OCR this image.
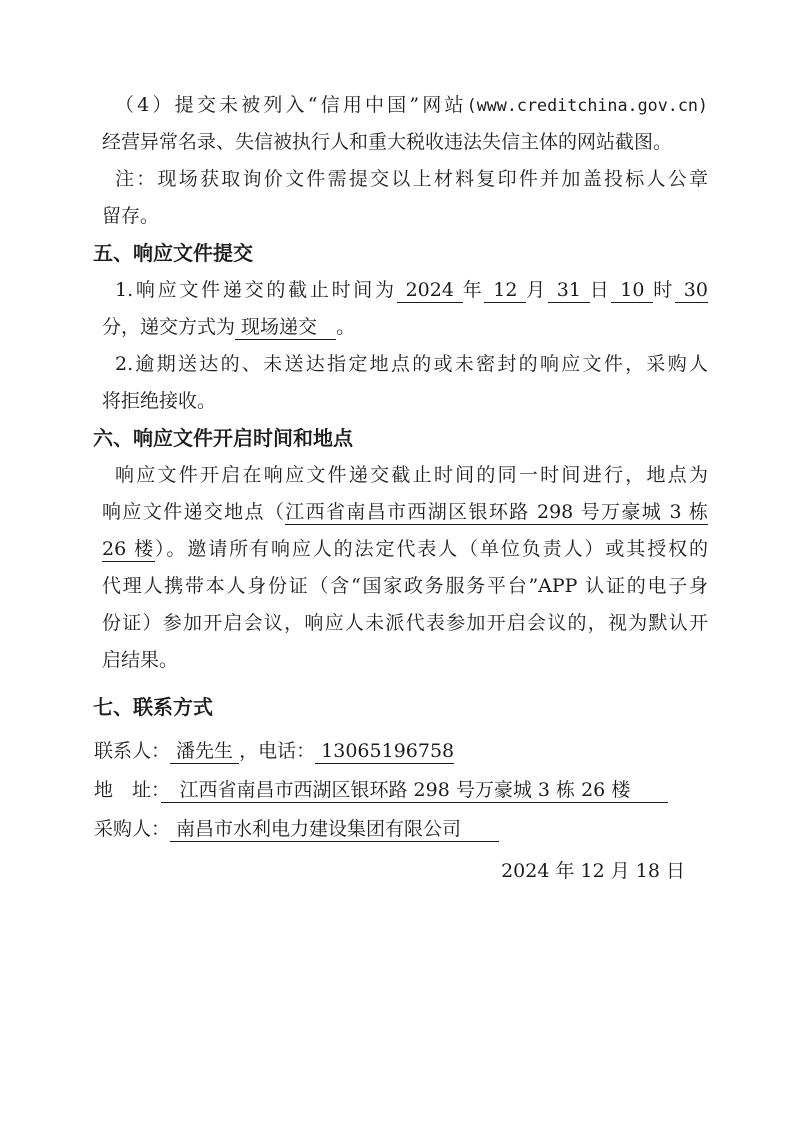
（4）提交未被列入“信用中国”网站(www.creditchina.gov.cn)
经营异常名录、失信被执行人和重大税收违法失信主体的网站截图。
注：现场获取询价文件需提交以上材料复印件并加盖投标人公章
留存。
五、响应文件提交
1.响应文件递交的截止时间为 2024 年 12 月 31 日 10 时 30
分，递交方式为 现场递交　。
2.逾期送达的、未送达指定地点的或未密封的响应文件，采购人
将拒绝接收。
六、响应文件开启时间和地点
响应文件开启在响应文件递交截止时间的同一时间进行，地点为
响应文件递交地点（江西省南昌市西湖区银环路 298 号万豪城 3 栋
26 楼）。邀请所有响应人的法定代表人（单位负责人）或其授权的
代理人携带本人身份证（含“国家政务服务平台”APP 认证的电子身
份证）参加开启会议，响应人未派代表参加开启会议的，视为默认开
启结果。
七、联系方式
联系人： 潘先生 ，电话： 13065196758
地　址：　江西省南昌市西湖区银环路 298 号万豪城 3 栋 26 楼　　
采购人： 南昌市水利电力建设集团有限公司　　
2024 年 12 月 18 日
